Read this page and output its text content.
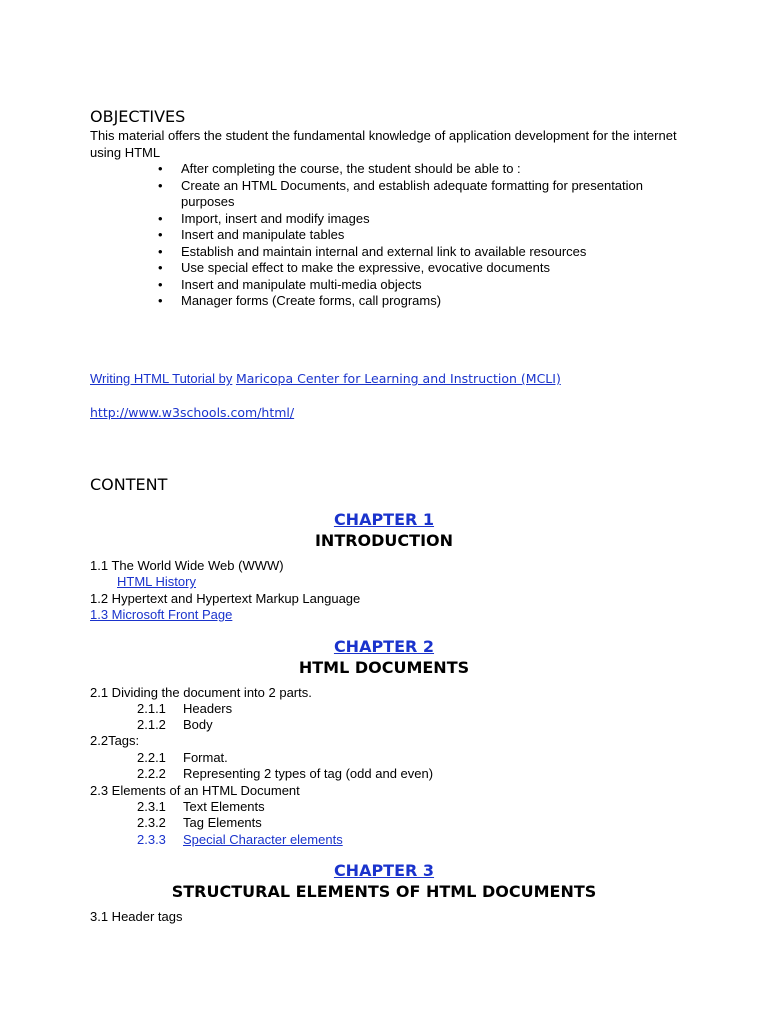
OBJECTIVES
This material offers the student the fundamental knowledge of application development for the internet using HTML
• After completing the course, the student should be able to :
• Create an HTML Documents, and establish adequate formatting for presentation purposes
• Import, insert and modify images
• Insert and manipulate tables
• Establish and maintain internal and external link to available resources
• Use special effect to make the expressive, evocative documents
• Insert and manipulate multi-media objects
• Manager forms (Create forms, call programs)
Writing HTML Tutorial by Maricopa Center for Learning and Instruction (MCLI)
http://www.w3schools.com/html/
CONTENT
CHAPTER 1
INTRODUCTION
1.1 The World Wide Web (WWW)
HTML History
1.2 Hypertext and Hypertext Markup Language
1.3 Microsoft Front Page
CHAPTER 2
HTML DOCUMENTS
2.1 Dividing the document into 2 parts.
2.1.1 Headers
2.1.2 Body
2.2Tags:
2.2.1 Format.
2.2.2 Representing 2 types of tag (odd and even)
2.3 Elements of an HTML Document
2.3.1 Text Elements
2.3.2 Tag Elements
2.3.3 Special Character elements
CHAPTER 3
STRUCTURAL ELEMENTS OF HTML DOCUMENTS
3.1 Header tags
